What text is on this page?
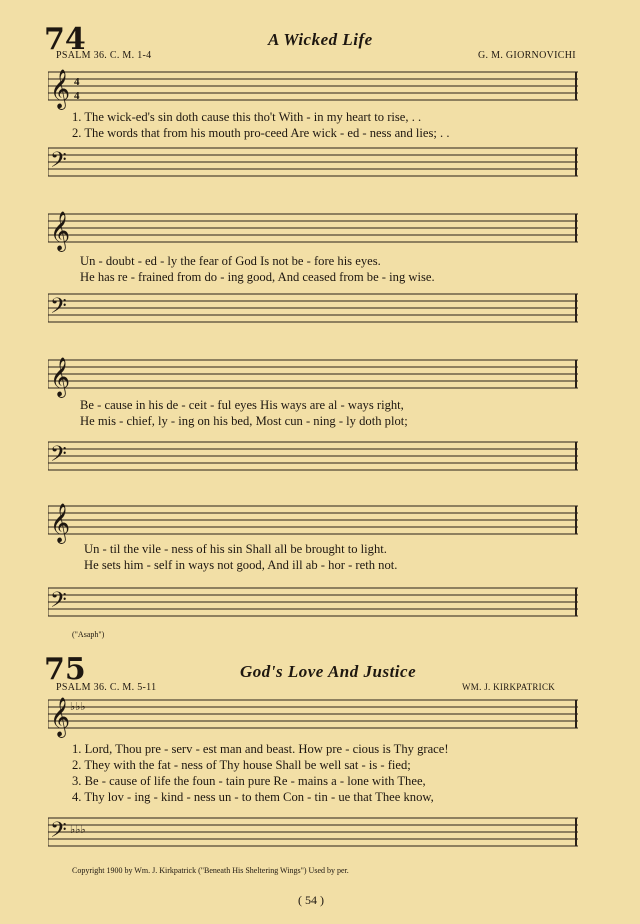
74	A Wicked Life
PSALM 36. C. M. 1-4	G. M. GIORNOVICHI
𝄞 4
4
1. The wick-ed's sin doth cause this tho't With - in my heart to rise, . .
2. The words that from his mouth pro-ceed Are wick - ed - ness and lies; . .
𝄢
𝄞
Un - doubt - ed - ly the fear of God Is not be - fore his eyes.
He has re - frained from do - ing good, And ceased from be - ing wise.
𝄢
𝄞
Be - cause in his de - ceit - ful eyes His ways are al - ways right,
He mis - chief, ly - ing on his bed, Most cun - ning - ly doth plot;
𝄢
𝄞
Un - til the vile - ness of his sin Shall all be brought to light.
He sets him - self in ways not good, And ill ab - hor - reth not.
𝄢
("Asaph")
75	God's Love And Justice
PSALM 36. C. M. 5-11	WM. J. KIRKPATRICK
𝄞 ♭♭♭
1. Lord, Thou pre - serv - est man and beast. How pre - cious is Thy grace!
2. They with the fat - ness of Thy house Shall be well sat - is - fied;
3. Be - cause of life the foun - tain pure Re - mains a - lone with Thee,
4. Thy lov - ing - kind - ness un - to them Con - tin - ue that Thee know,
𝄢 ♭♭♭
Copyright 1900 by Wm. J. Kirkpatrick ("Beneath His Sheltering Wings") Used by per.
( 54 )
